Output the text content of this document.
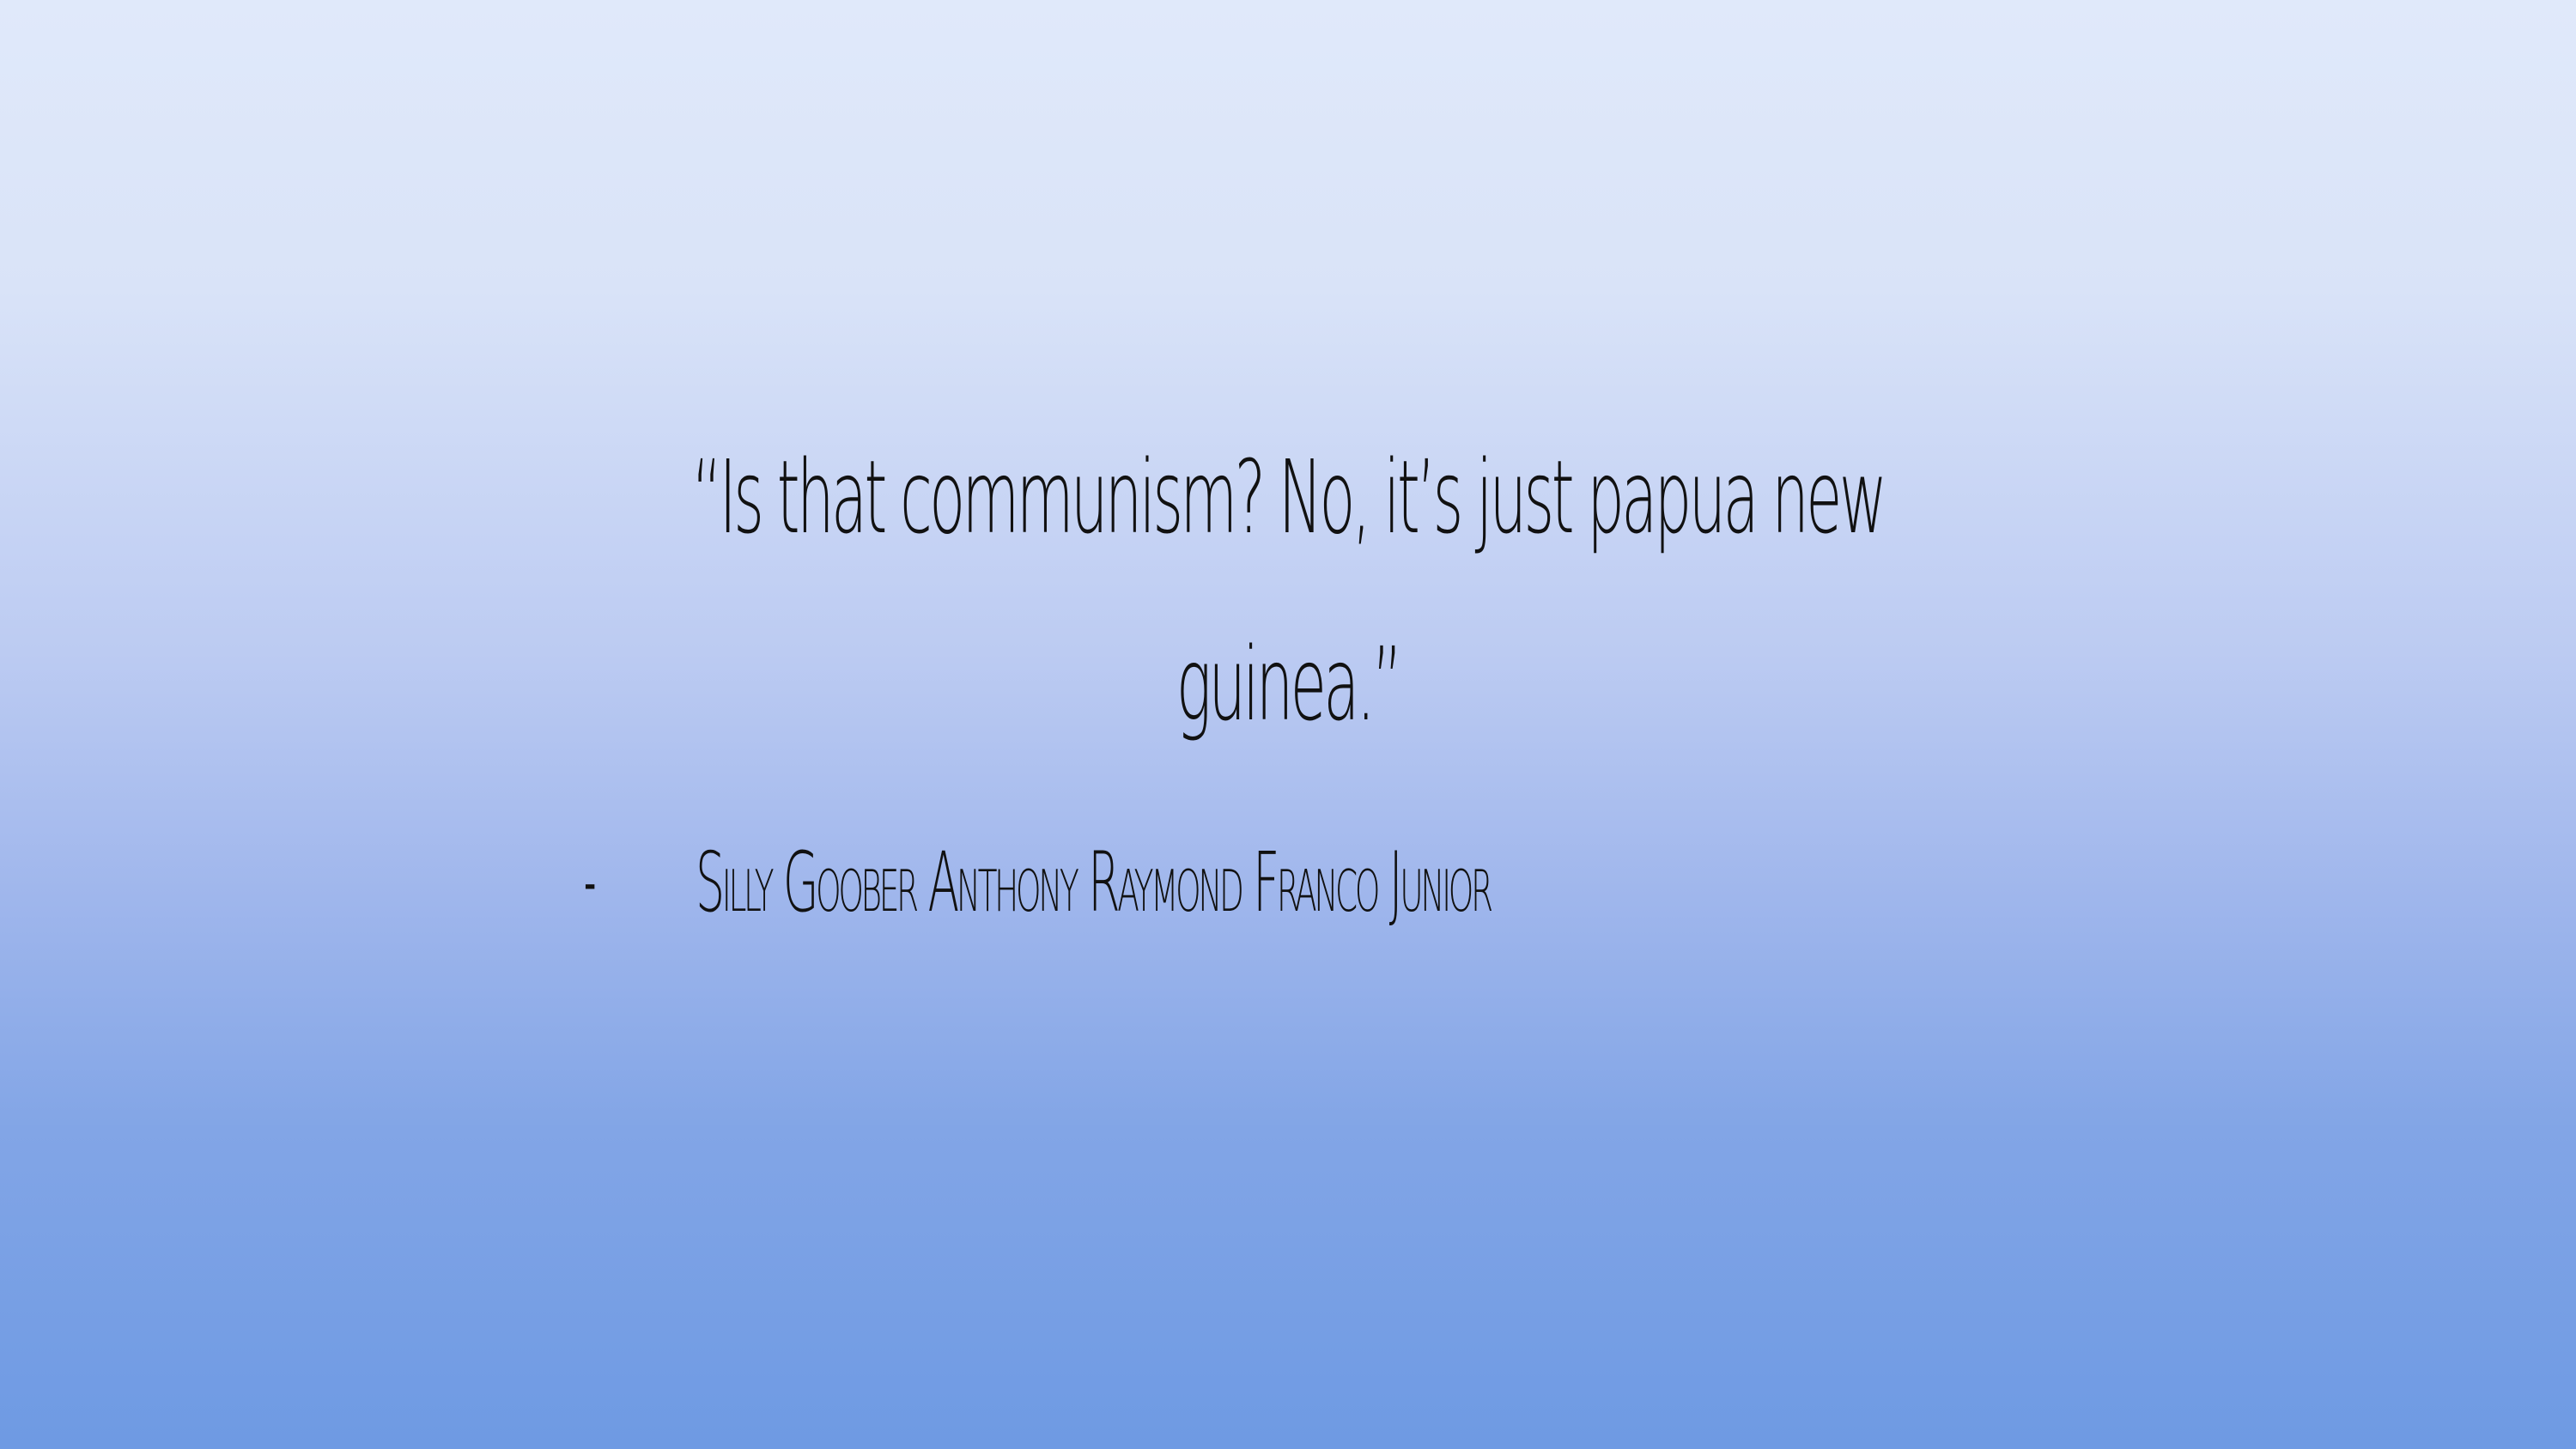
“Is that communism? No, it’s just papua new guinea.”
-	Silly Goober Anthony Raymond Franco Junior
